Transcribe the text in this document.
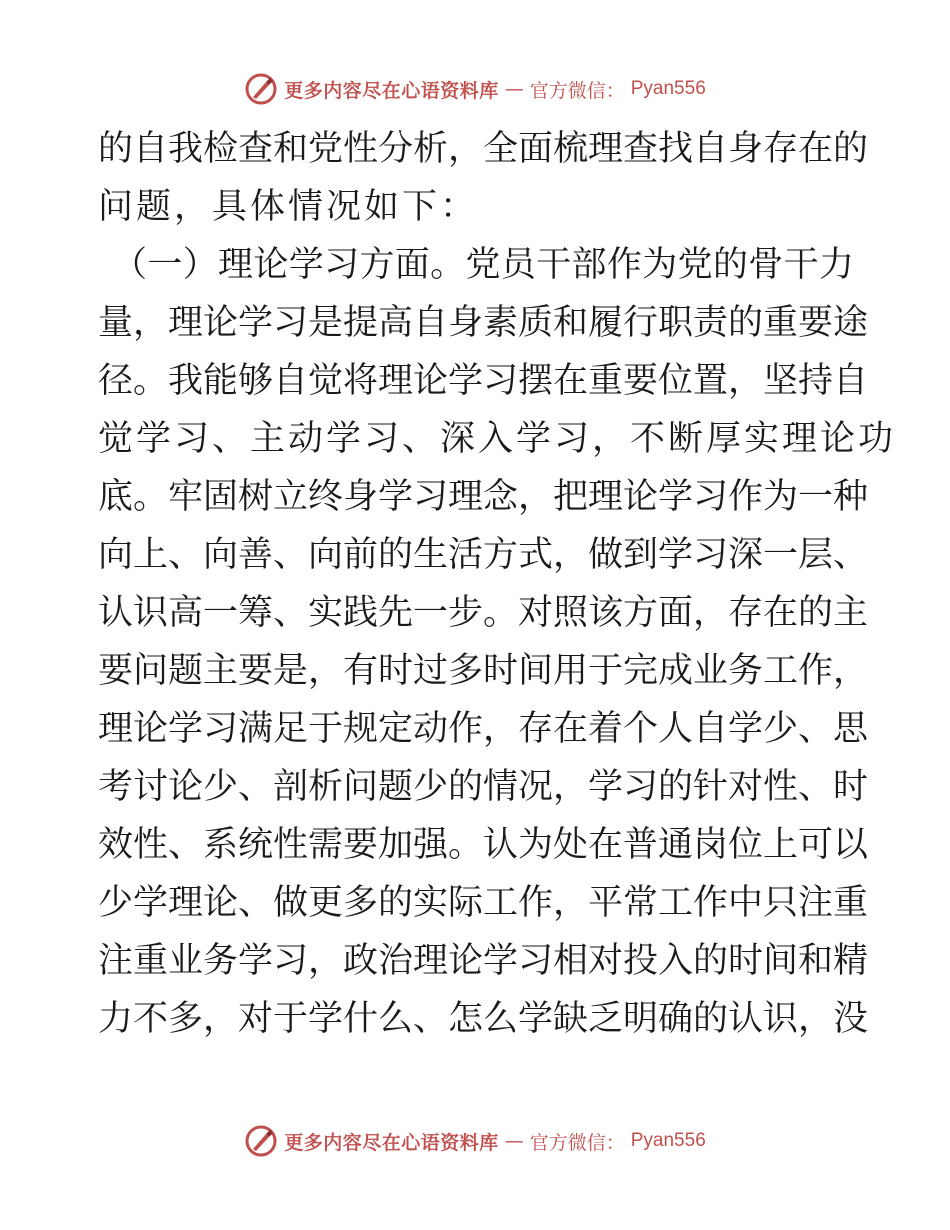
更多内容尽在心语资料库 — 官方微信： Pyan556
的自我检查和党性分析，全面梳理查找自身存在的
问题，具体情况如下：
（一）理论学习方面。党员干部作为党的骨干力
量，理论学习是提高自身素质和履行职责的重要途
径。我能够自觉将理论学习摆在重要位置，坚持自
觉学习、主动学习、深入学习，不断厚实理论功
底。牢固树立终身学习理念，把理论学习作为一种
向上、向善、向前的生活方式，做到学习深一层、
认识高一筹、实践先一步。对照该方面，存在的主
要问题主要是，有时过多时间用于完成业务工作，
理论学习满足于规定动作，存在着个人自学少、思
考讨论少、剖析问题少的情况，学习的针对性、时
效性、系统性需要加强。认为处在普通岗位上可以
少学理论、做更多的实际工作，平常工作中只注重
注重业务学习，政治理论学习相对投入的时间和精
力不多，对于学什么、怎么学缺乏明确的认识，没
更多内容尽在心语资料库 — 官方微信： Pyan556
